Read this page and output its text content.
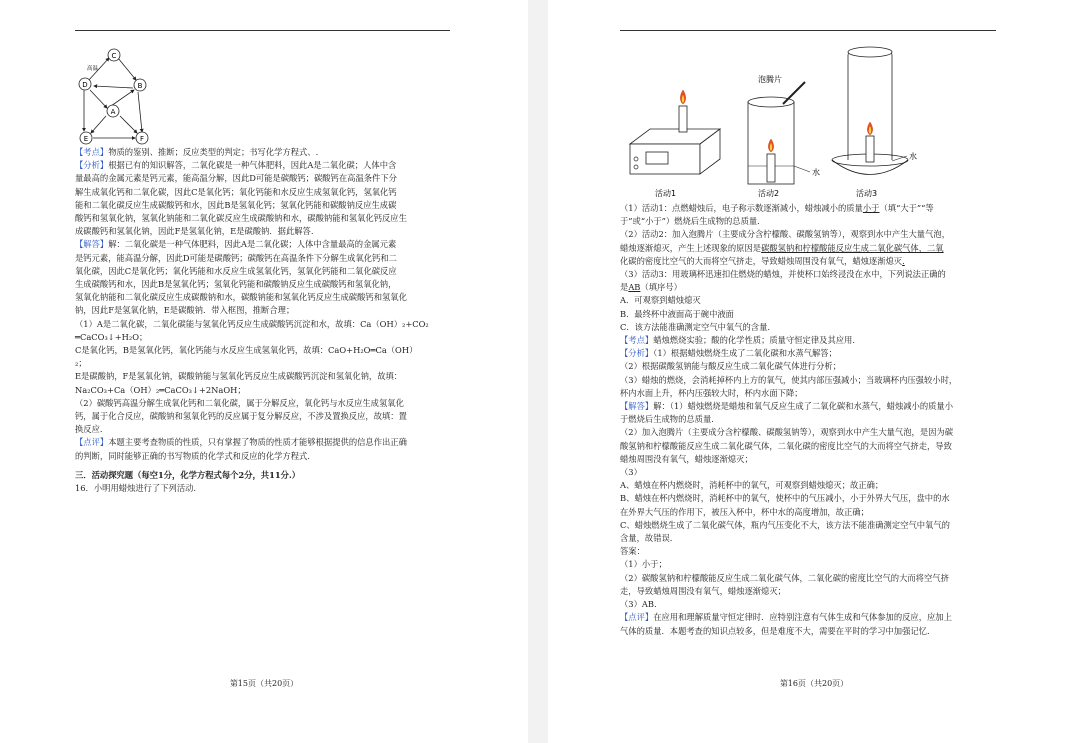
C
D	B
A
E	F
高温

【考点】物质的鉴别、推断；反应类型的判定；书写化学方程式、.

【分析】根据已有的知识解答，二氧化碳是一种气体肥料，因此A是二氧化碳；人体中含

量最高的金属元素是钙元素，能高温分解，因此D可能是碳酸钙；碳酸钙在高温条件下分

解生成氧化钙和二氧化碳，因此C是氧化钙；氧化钙能和水反应生成氢氧化钙，氢氧化钙

能和二氧化碳反应生成碳酸钙和水，因此B是氢氧化钙；氢氧化钙能和碳酸钠反应生成碳

酸钙和氢氧化钠，氢氧化钠能和二氧化碳反应生成碳酸钠和水，碳酸钠能和氢氧化钙反应生

成碳酸钙和氢氧化钠，因此F是氢氧化钠，E是碳酸钠．据此解答.

【解答】解：二氧化碳是一种气体肥料，因此A是二氧化碳；人体中含量最高的金属元素

是钙元素，能高温分解，因此D可能是碳酸钙；碳酸钙在高温条件下分解生成氧化钙和二

氧化碳，因此C是氧化钙；氧化钙能和水反应生成氢氧化钙，氢氧化钙能和二氧化碳反应

生成碳酸钙和水，因此B是氢氧化钙；氢氧化钙能和碳酸钠反应生成碳酸钙和氢氧化钠，

氢氧化钠能和二氧化碳反应生成碳酸钠和水，碳酸钠能和氢氧化钙反应生成碳酸钙和氢氧化

钠，因此F是氢氧化钠，E是碳酸钠．带入框图，推断合理；

（1）A是二氧化碳，二氧化碳能与氢氧化钙反应生成碳酸钙沉淀和水，故填：Ca（OH）₂+CO₂

═CaCO₃↓+H₂O；

C是氧化钙，B是氢氧化钙，氧化钙能与水反应生成氢氧化钙，故填：CaO+H₂O═Ca（OH）

₂；

E是碳酸钠，F是氢氧化钠，碳酸钠能与氢氧化钙反应生成碳酸钙沉淀和氢氧化钠，故填：

Na₂CO₃+Ca（OH）₂═CaCO₃↓+2NaOH；

（2）碳酸钙高温分解生成氧化钙和二氧化碳，属于分解反应，氧化钙与水反应生成氢氧化

钙，属于化合反应，碳酸钠和氢氧化钙的反应属于复分解反应，不涉及置换反应，故填：置

换反应.

【点评】本题主要考查物质的性质，只有掌握了物质的性质才能够根据提供的信息作出正确

的判断，同时能够正确的书写物质的化学式和反应的化学方程式.

三．活动探究题（每空1分，化学方程式每个2分，共11分.）

16．小明用蜡烛进行了下列活动.

第15页（共20页）
泡腾片
水
水
活动1	活动2	活动3

（1）活动1：点燃蜡烛后，电子称示数逐渐减小，蜡烛减小的质量小于（填“大于”“等

于”或“小于”）燃烧后生成物的总质量.

（2）活动2：加入泡腾片（主要成分含柠檬酸、碳酸氢钠等），观察到水中产生大量气泡，

蜡烛逐渐熄灭，产生上述现象的原因是碳酸氢钠和柠檬酸能反应生成二氧化碳气体，二氧

化碳的密度比空气的大而将空气挤走，导致蜡烛周围没有氧气，蜡烛逐渐熄灭.

（3）活动3：用玻璃杯迅速扣住燃烧的蜡烛，并使杯口始终浸没在水中，下列说法正确的

是AB（填序号）

A．可观察到蜡烛熄灭

B．最终杯中液面高于碗中液面

C．该方法能准确测定空气中氧气的含量.

【考点】蜡烛燃烧实验；酸的化学性质；质量守恒定律及其应用.

【分析】（1）根据蜡烛燃烧生成了二氧化碳和水蒸气解答；

（2）根据碳酸氢钠能与酸反应生成二氧化碳气体进行分析；

（3）蜡烛的燃烧，会消耗掉杯内上方的氧气，使其内部压强减小；当玻璃杯内压强较小时，

杯内水面上升，杯内压强较大时，杯内水面下降；

【解答】解：（1）蜡烛燃烧是蜡烛和氧气反应生成了二氧化碳和水蒸气，蜡烛减小的质量小

于燃烧后生成物的总质量.

（2）加入泡腾片（主要成分含柠檬酸、碳酸氢钠等），观察到水中产生大量气泡，是因为碳

酸氢钠和柠檬酸能反应生成二氧化碳气体，二氧化碳的密度比空气的大而将空气挤走，导致

蜡烛周围没有氧气，蜡烛逐渐熄灭；

（3）

A、蜡烛在杯内燃烧时，消耗杯中的氧气，可观察到蜡烛熄灭；故正确；

B、蜡烛在杯内燃烧时，消耗杯中的氧气，使杯中的气压减小，小于外界大气压，盘中的水

在外界大气压的作用下，被压入杯中，杯中水的高度增加，故正确；

C、蜡烛燃烧生成了二氧化碳气体，瓶内气压变化不大，该方法不能准确测定空气中氧气的

含量，故错误.

答案：

（1）小于；

（2）碳酸氢钠和柠檬酸能反应生成二氧化碳气体，二氧化碳的密度比空气的大而将空气挤

走，导致蜡烛周围没有氧气，蜡烛逐渐熄灭；

（3）AB.

【点评】在应用和理解质量守恒定律时．应特别注意有气体生成和气体参加的反应，应加上

气体的质量．本题考查的知识点较多，但是难度不大，需要在平时的学习中加强记忆.

第16页（共20页）
